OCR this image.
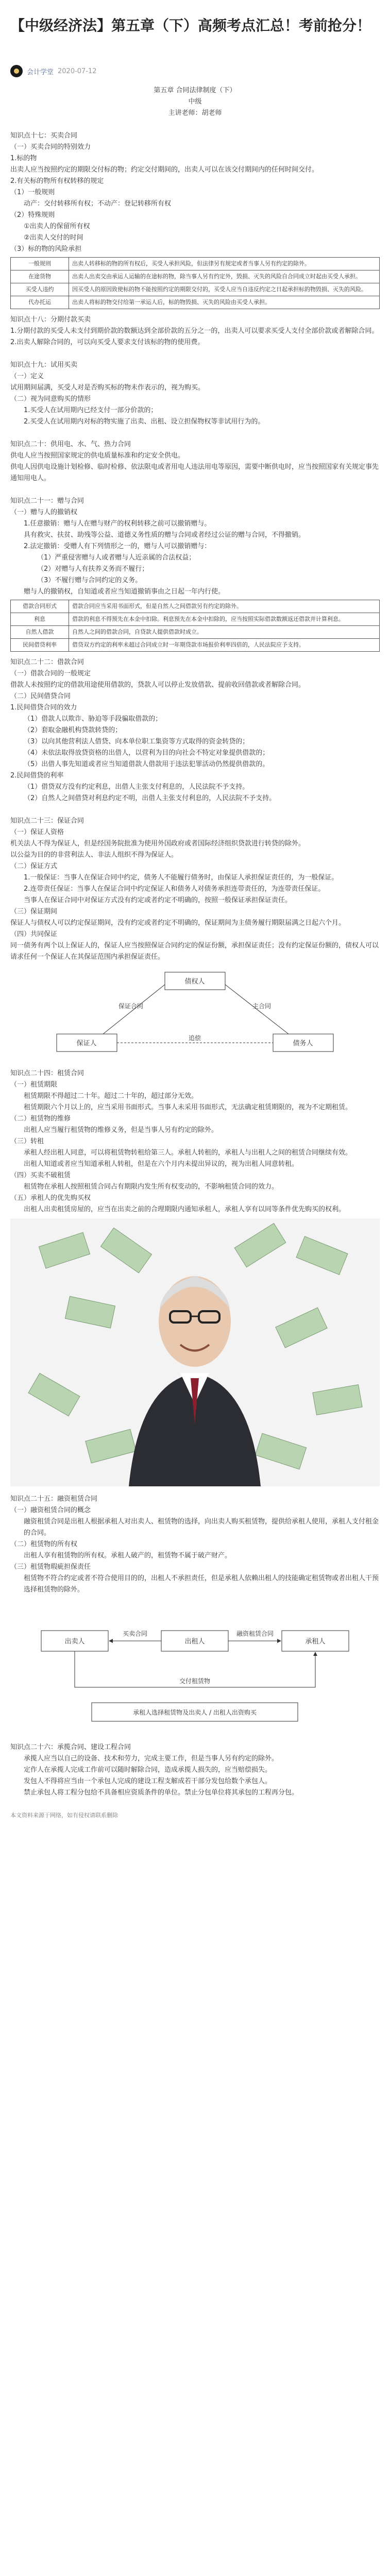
【中级经济法】第五章（下）高频考点汇总！考前抢分！
会计学堂 2020-07-12

第五章 合同法律制度（下）

中级

主讲老师：胡老师

知识点十七：买卖合同

（一）买卖合同的特别效力

1.标的物

出卖人应当按照约定的期限交付标的物；约定交付期间的，出卖人可以在该交付期间内的任何时间交付。

2.有关标的物所有权转移的规定

（1）一般规则

动产：交付转移所有权；不动产：登记转移所有权

（2）特殊规则

①出卖人的保留所有权

②出卖人交付的时间

（3）标的物的风险承担

一般规则	出卖人转移标的物的所有权后，买受人承担风险，但法律另有规定或者当事人另有约定的除外。
在途货物	出卖人出卖交由承运人运输的在途标的物，除当事人另有约定外，毁损、灭失的风险自合同成立时起由买受人承担。
买受人违约	因买受人的原因致使标的物不能按照约定的期限交付的，买受人应当自违反约定之日起承担标的物毁损、灭失的风险。
代办托运	出卖人将标的物交付给第一承运人后，标的物毁损、灭失的风险由买受人承担。

知识点十八：分期付款买卖

1.分期付款的买受人未支付到期价款的数额达到全部价款的五分之一的，出卖人可以要求买受人支付全部价款或者解除合同。

2.出卖人解除合同的，可以向买受人要求支付该标的物的使用费。

知识点十九：试用买卖

（一）定义

试用期间届满，买受人对是否购买标的物未作表示的，视为购买。

（二）视为同意购买的情形

1.买受人在试用期内已经支付一部分价款的；

2.买受人在试用期内对标的物实施了出卖、出租、设立担保物权等非试用行为的。

知识点二十：供用电、水、气、热力合同

供电人应当按照国家规定的供电质量标准和约定安全供电。

供电人因供电设施计划检修、临时检修、依法限电或者用电人违法用电等原因，需要中断供电时，应当按照国家有关规定事先通知用电人。

知识点二十一：赠与合同

（一）赠与人的撤销权

1.任意撤销：赠与人在赠与财产的权利转移之前可以撤销赠与。

具有救灾、扶贫、助残等公益、道德义务性质的赠与合同或者经过公证的赠与合同，不得撤销。

2.法定撤销：受赠人有下列情形之一的，赠与人可以撤销赠与：

（1）严重侵害赠与人或者赠与人近亲属的合法权益；

（2）对赠与人有扶养义务而不履行；

（3）不履行赠与合同约定的义务。

赠与人的撤销权，自知道或者应当知道撤销事由之日起一年内行使。

借款合同形式	借款合同应当采用书面形式，但是自然人之间借款另有约定的除外。
利息	借款的利息不得预先在本金中扣除。利息预先在本金中扣除的，应当按照实际借款数额返还借款并计算利息。
自然人借款	自然人之间的借款合同，自贷款人提供借款时成立。
民间借贷利率	借贷双方约定的利率未超过合同成立时一年期贷款市场报价利率四倍的，人民法院应予支持。

知识点二十二：借款合同

（一）借款合同的一般规定

借款人未按照约定的借款用途使用借款的，贷款人可以停止发放借款、提前收回借款或者解除合同。

（二）民间借贷合同

1.民间借贷合同的效力

（1）借款人以欺诈、胁迫等手段骗取借款的；

（2）套取金融机构贷款转贷的；

（3）以向其他营利法人借贷、向本单位职工集资等方式取得的资金转贷的；

（4）未依法取得放贷资格的出借人，以营利为目的向社会不特定对象提供借款的；

（5）出借人事先知道或者应当知道借款人借款用于违法犯罪活动仍然提供借款的。

2.民间借贷的利率

（1）借贷双方没有约定利息，出借人主张支付利息的，人民法院不予支持。

（2）自然人之间借贷对利息约定不明，出借人主张支付利息的，人民法院不予支持。

知识点二十三：保证合同

（一）保证人资格

机关法人不得为保证人，但是经国务院批准为使用外国政府或者国际经济组织贷款进行转贷的除外。

以公益为目的的非营利法人、非法人组织不得为保证人。

（二）保证方式

1.一般保证：当事人在保证合同中约定，债务人不能履行债务时，由保证人承担保证责任的，为一般保证。

2.连带责任保证：当事人在保证合同中约定保证人和债务人对债务承担连带责任的，为连带责任保证。

当事人在保证合同中对保证方式没有约定或者约定不明确的，按照一般保证承担保证责任。

（三）保证期间

保证人与债权人可以约定保证期间，没有约定或者约定不明确的，保证期间为主债务履行期限届满之日起六个月。

（四）共同保证

同一债务有两个以上保证人的，保证人应当按照保证合同约定的保证份额，承担保证责任；没有约定保证份额的，债权人可以请求任何一个保证人在其保证范围内承担保证责任。

债权人
保证人	债务人
保证合同	主合同
追偿

知识点二十四：租赁合同

（一）租赁期限

租赁期限不得超过二十年。超过二十年的，超过部分无效。

租赁期限六个月以上的，应当采用书面形式。当事人未采用书面形式，无法确定租赁期限的，视为不定期租赁。

（二）租赁物的维修

出租人应当履行租赁物的维修义务，但是当事人另有约定的除外。

（三）转租

承租人经出租人同意，可以将租赁物转租给第三人。承租人转租的，承租人与出租人之间的租赁合同继续有效。

出租人知道或者应当知道承租人转租，但是在六个月内未提出异议的，视为出租人同意转租。

（四）买卖不破租赁

租赁物在承租人按照租赁合同占有期限内发生所有权变动的，不影响租赁合同的效力。

（五）承租人的优先购买权

出租人出卖租赁房屋的，应当在出卖之前的合理期限内通知承租人，承租人享有以同等条件优先购买的权利。

知识点二十五：融资租赁合同

（一）融资租赁合同的概念

融资租赁合同是出租人根据承租人对出卖人、租赁物的选择，向出卖人购买租赁物，提供给承租人使用，承租人支付租金的合同。

（二）租赁物的所有权

出租人享有租赁物的所有权。承租人破产的，租赁物不属于破产财产。

（三）租赁物瑕疵担保责任

租赁物不符合约定或者不符合使用目的的，出租人不承担责任，但是承租人依赖出租人的技能确定租赁物或者出租人干预选择租赁物的除外。

出卖人	出租人	承租人
买卖合同	融资租赁合同
交付租赁物
承租人选择租赁物及出卖人 / 出租人出资购买

知识点二十六：承揽合同、建设工程合同

承揽人应当以自己的设备、技术和劳力，完成主要工作，但是当事人另有约定的除外。

定作人在承揽人完成工作前可以随时解除合同，造成承揽人损失的，应当赔偿损失。

发包人不得将应当由一个承包人完成的建设工程支解成若干部分发包给数个承包人。

禁止承包人将工程分包给不具备相应资质条件的单位。禁止分包单位将其承包的工程再分包。

本文资料来源于网络，如有侵权请联系删除
